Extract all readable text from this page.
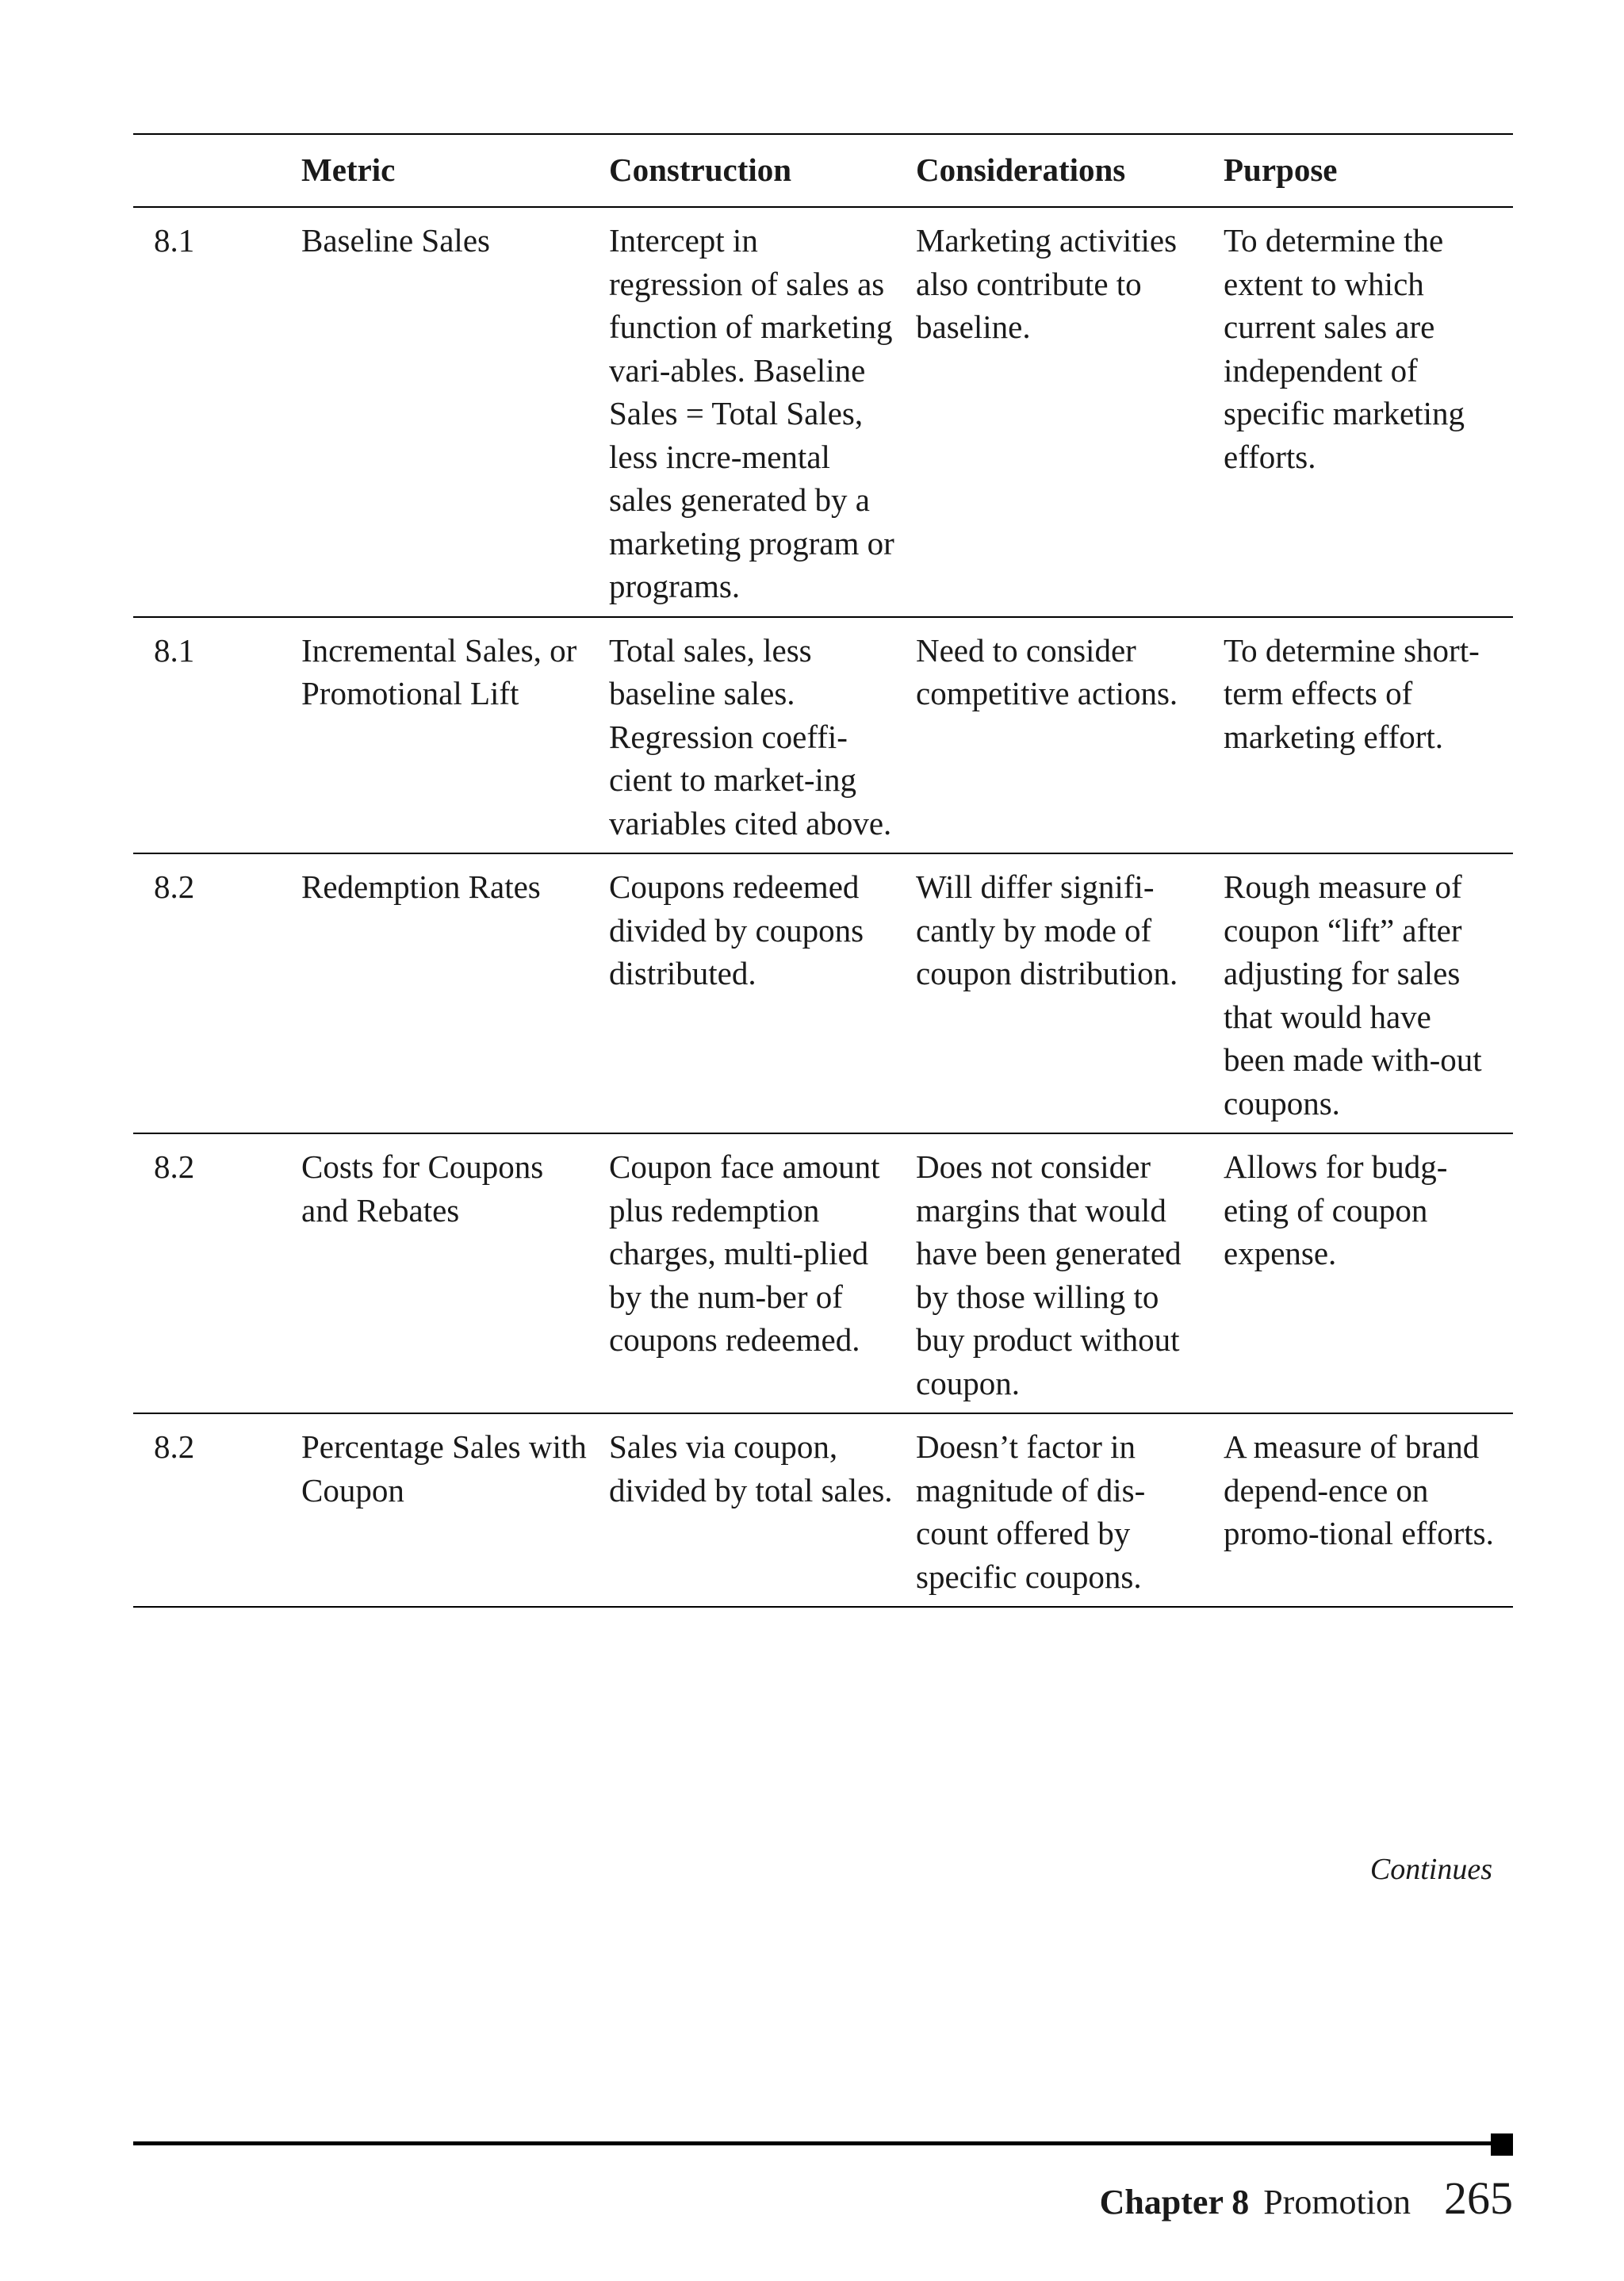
	Metric	Construction	Considerations	Purpose
8.1	Baseline Sales	Intercept in regression of sales as function of marketing vari-ables. Baseline Sales = Total Sales, less incre-mental sales generated by a marketing program or programs.	Marketing activities also contribute to baseline.	To determine the extent to which current sales are independent of specific marketing efforts.
8.1	Incremental Sales, or Promotional Lift	Total sales, less baseline sales. Regression coeffi-cient to market-ing variables cited above.	Need to consider competitive actions.	To determine short-term effects of marketing effort.
8.2	Redemption Rates	Coupons redeemed divided by coupons distributed.	Will differ signifi-cantly by mode of coupon distribution.	Rough measure of coupon “lift” after adjusting for sales that would have been made with-out coupons.
8.2	Costs for Coupons and Rebates	Coupon face amount plus redemption charges, multi-plied by the num-ber of coupons redeemed.	Does not consider margins that would have been generated by those willing to buy product without coupon.	Allows for budg-eting of coupon expense.
8.2	Percentage Sales with Coupon	Sales via coupon, divided by total sales.	Doesn’t factor in magnitude of dis-count offered by specific coupons.	A measure of brand depend-ence on promo-tional efforts.
Continues
Chapter 8 Promotion 265
